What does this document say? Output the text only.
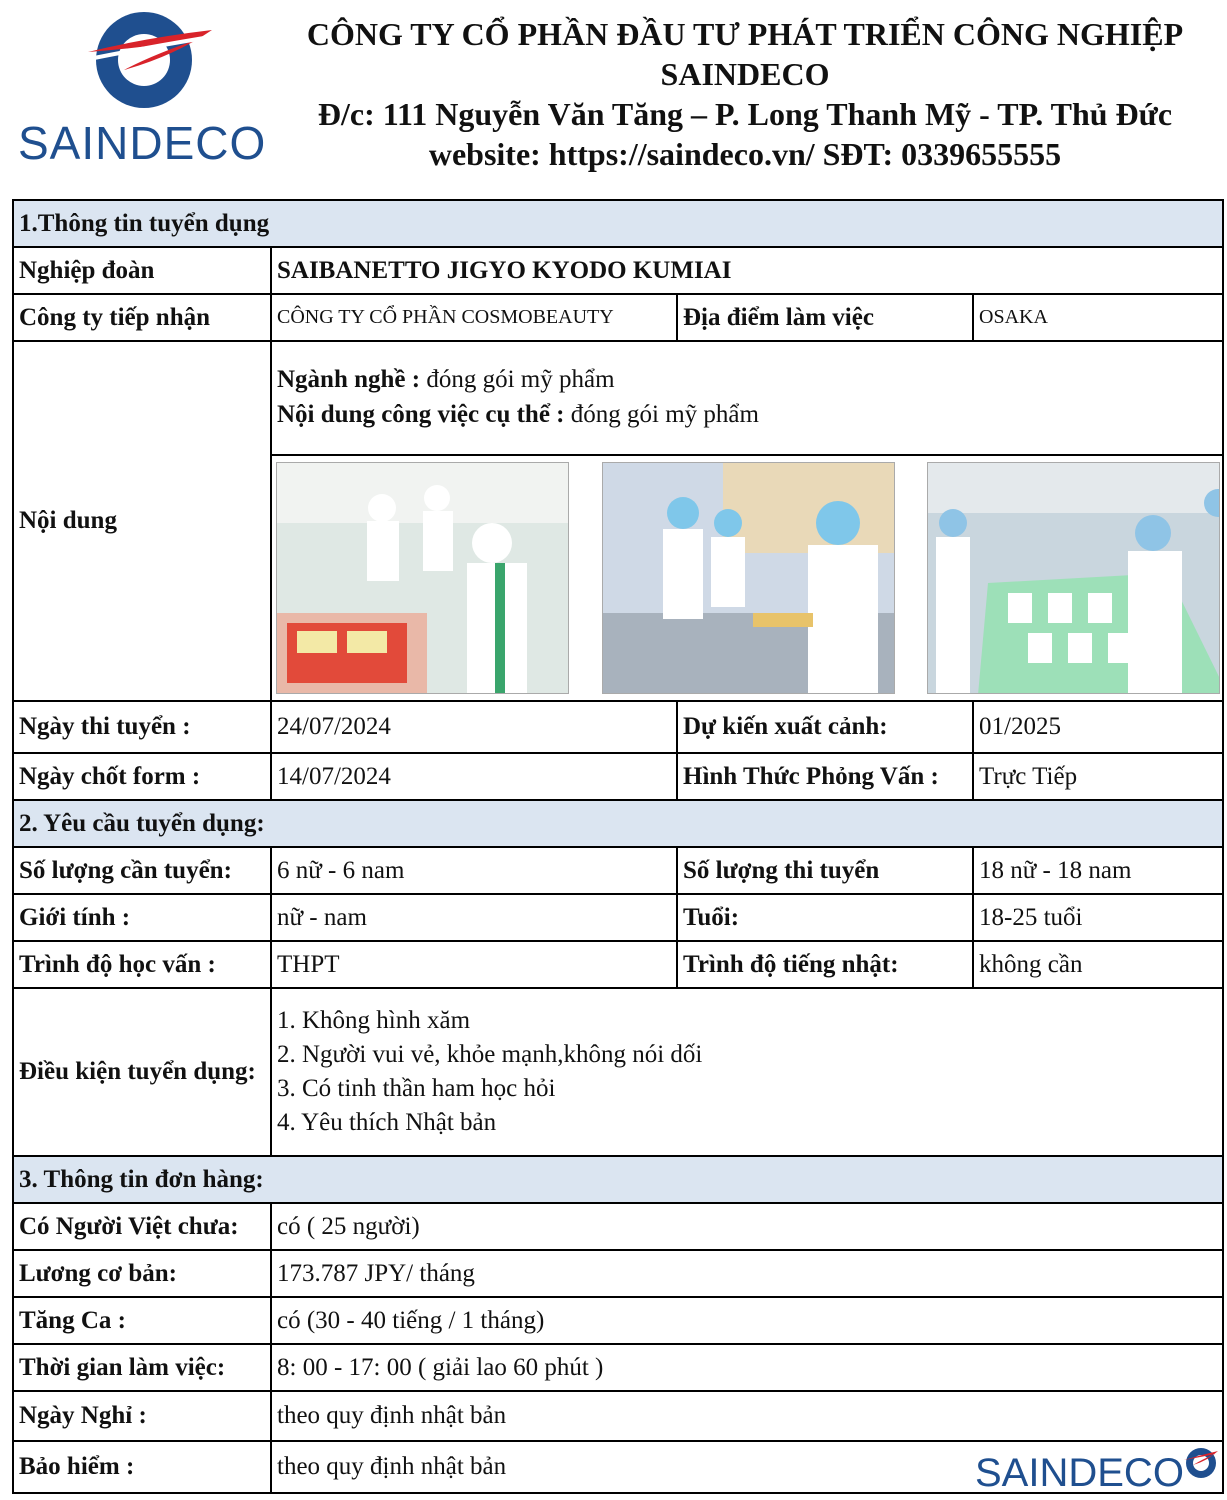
SAINDECO
CÔNG TY CỔ PHẦN ĐẦU TƯ PHÁT TRIỂN CÔNG NGHIỆP
SAINDECO
Đ/c: 111 Nguyễn Văn Tăng – P. Long Thanh Mỹ - TP. Thủ Đức
website: https://saindeco.vn/ SĐT: 0339655555
1.Thông tin tuyển dụng			
Nghiệp đoàn	SAIBANETTO JIGYO KYODO KUMIAI		
Công ty tiếp nhận	CÔNG TY CỔ PHẦN COSMOBEAUTY	Địa điểm làm việc	OSAKA
Nội dung	Ngành nghề : đóng gói mỹ phẩm
Nội dung công việc cụ thể : đóng gói mỹ phẩm		

Ngày thi tuyển :	24/07/2024	Dự kiến xuất cảnh:	01/2025
Ngày chốt form :	14/07/2024	Hình Thức Phỏng Vấn :	Trực Tiếp
2. Yêu cầu tuyển dụng:			
Số lượng cần tuyển:	6 nữ - 6 nam	Số lượng thi tuyển	18 nữ - 18 nam
Giới tính :	nữ - nam	Tuổi:	18-25 tuổi
Trình độ học vấn :	THPT	Trình độ tiếng nhật:	không cần
Điều kiện tuyển dụng:	1. Không hình xăm
2. Người vui vẻ, khỏe mạnh,không nói dối
3. Có tinh thần ham học hỏi
4. Yêu thích Nhật bản		

3. Thông tin đơn hàng:			
Có Người Việt chưa:	có ( 25 người)		
Lương cơ bản:	173.787 JPY/ tháng		
Tăng Ca :	có (30 - 40 tiếng / 1 tháng)		
Thời gian làm việc:	8: 00 - 17: 00 ( giải lao 60 phút )		
Ngày Nghỉ :	theo quy định nhật bản		
Bảo hiểm :	theo quy định nhật bản			SAINDECO
